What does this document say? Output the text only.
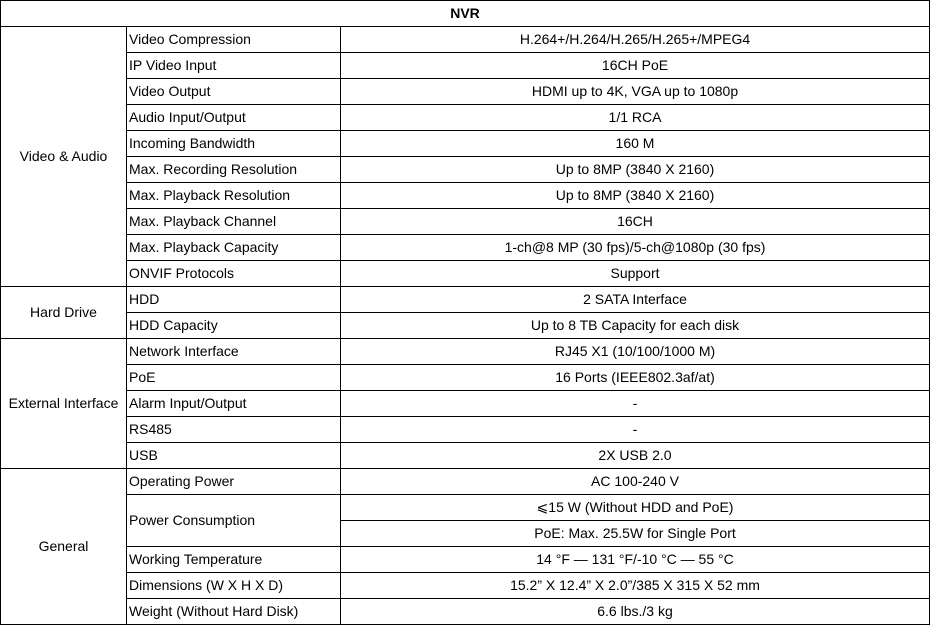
NVR		
Video & Audio	Video Compression	H.264+/H.264/H.265/H.265+/MPEG4
	IP Video Input	16CH PoE
	Video Output	HDMI up to 4K, VGA up to 1080p
	Audio Input/Output	1/1 RCA
	Incoming Bandwidth	160 M
	Max. Recording Resolution	Up to 8MP (3840 X 2160)
	Max. Playback Resolution	Up to 8MP (3840 X 2160)
	Max. Playback Channel	16CH
	Max. Playback Capacity	1-ch@8 MP (30 fps)/5-ch@1080p (30 fps)
	ONVIF Protocols	Support
Hard Drive	HDD	2 SATA Interface
	HDD Capacity	Up to 8 TB Capacity for each disk
External Interface	Network Interface	RJ45 X1 (10/100/1000 M)
	PoE	16 Ports (IEEE802.3af/at)
	Alarm Input/Output	-
	RS485	-
	USB	2X USB 2.0
General	Operating Power	AC 100-240 V
	Power Consumption	⩽15 W (Without HDD and PoE)
		PoE: Max. 25.5W for Single Port
	Working Temperature	14 °F — 131 °F/-10 °C — 55 °C
	Dimensions (W X H X D)	15.2” X 12.4” X 2.0”/385 X 315 X 52 mm
	Weight (Without Hard Disk)	6.6 lbs./3 kg
